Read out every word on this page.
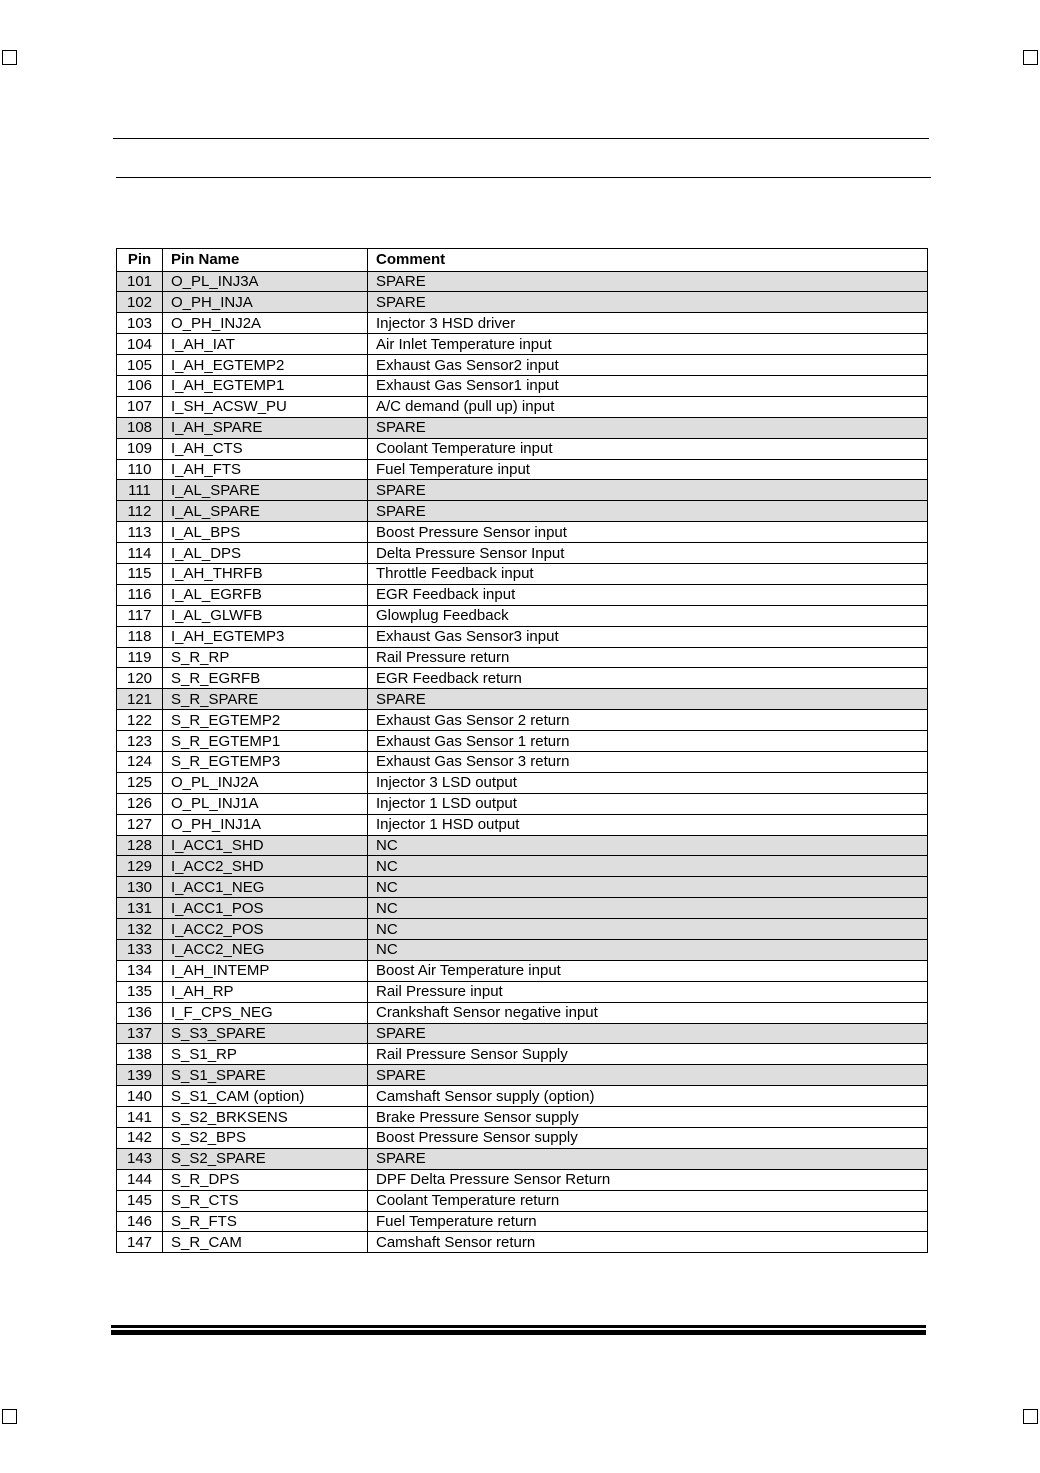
Pin	Pin Name	Comment
101	O_PL_INJ3A	SPARE
102	O_PH_INJA	SPARE
103	O_PH_INJ2A	Injector 3 HSD driver
104	I_AH_IAT	Air Inlet Temperature input
105	I_AH_EGTEMP2	Exhaust Gas Sensor2 input
106	I_AH_EGTEMP1	Exhaust Gas Sensor1 input
107	I_SH_ACSW_PU	A/C demand (pull up) input
108	I_AH_SPARE	SPARE
109	I_AH_CTS	Coolant Temperature input
110	I_AH_FTS	Fuel Temperature input
111	I_AL_SPARE	SPARE
112	I_AL_SPARE	SPARE
113	I_AL_BPS	Boost Pressure Sensor input
114	I_AL_DPS	Delta Pressure Sensor Input
115	I_AH_THRFB	Throttle Feedback input
116	I_AL_EGRFB	EGR Feedback input
117	I_AL_GLWFB	Glowplug Feedback
118	I_AH_EGTEMP3	Exhaust Gas Sensor3 input
119	S_R_RP	Rail Pressure return
120	S_R_EGRFB	EGR Feedback return
121	S_R_SPARE	SPARE
122	S_R_EGTEMP2	Exhaust Gas Sensor 2 return
123	S_R_EGTEMP1	Exhaust Gas Sensor 1 return
124	S_R_EGTEMP3	Exhaust Gas Sensor 3 return
125	O_PL_INJ2A	Injector 3 LSD output
126	O_PL_INJ1A	Injector 1 LSD output
127	O_PH_INJ1A	Injector 1 HSD output
128	I_ACC1_SHD	NC
129	I_ACC2_SHD	NC
130	I_ACC1_NEG	NC
131	I_ACC1_POS	NC
132	I_ACC2_POS	NC
133	I_ACC2_NEG	NC
134	I_AH_INTEMP	Boost Air Temperature input
135	I_AH_RP	Rail Pressure input
136	I_F_CPS_NEG	Crankshaft Sensor negative input
137	S_S3_SPARE	SPARE
138	S_S1_RP	Rail Pressure Sensor Supply
139	S_S1_SPARE	SPARE
140	S_S1_CAM (option)	Camshaft Sensor supply (option)
141	S_S2_BRKSENS	Brake Pressure Sensor supply
142	S_S2_BPS	Boost Pressure Sensor supply
143	S_S2_SPARE	SPARE
144	S_R_DPS	DPF Delta Pressure Sensor Return
145	S_R_CTS	Coolant Temperature return
146	S_R_FTS	Fuel Temperature return
147	S_R_CAM	Camshaft Sensor return
